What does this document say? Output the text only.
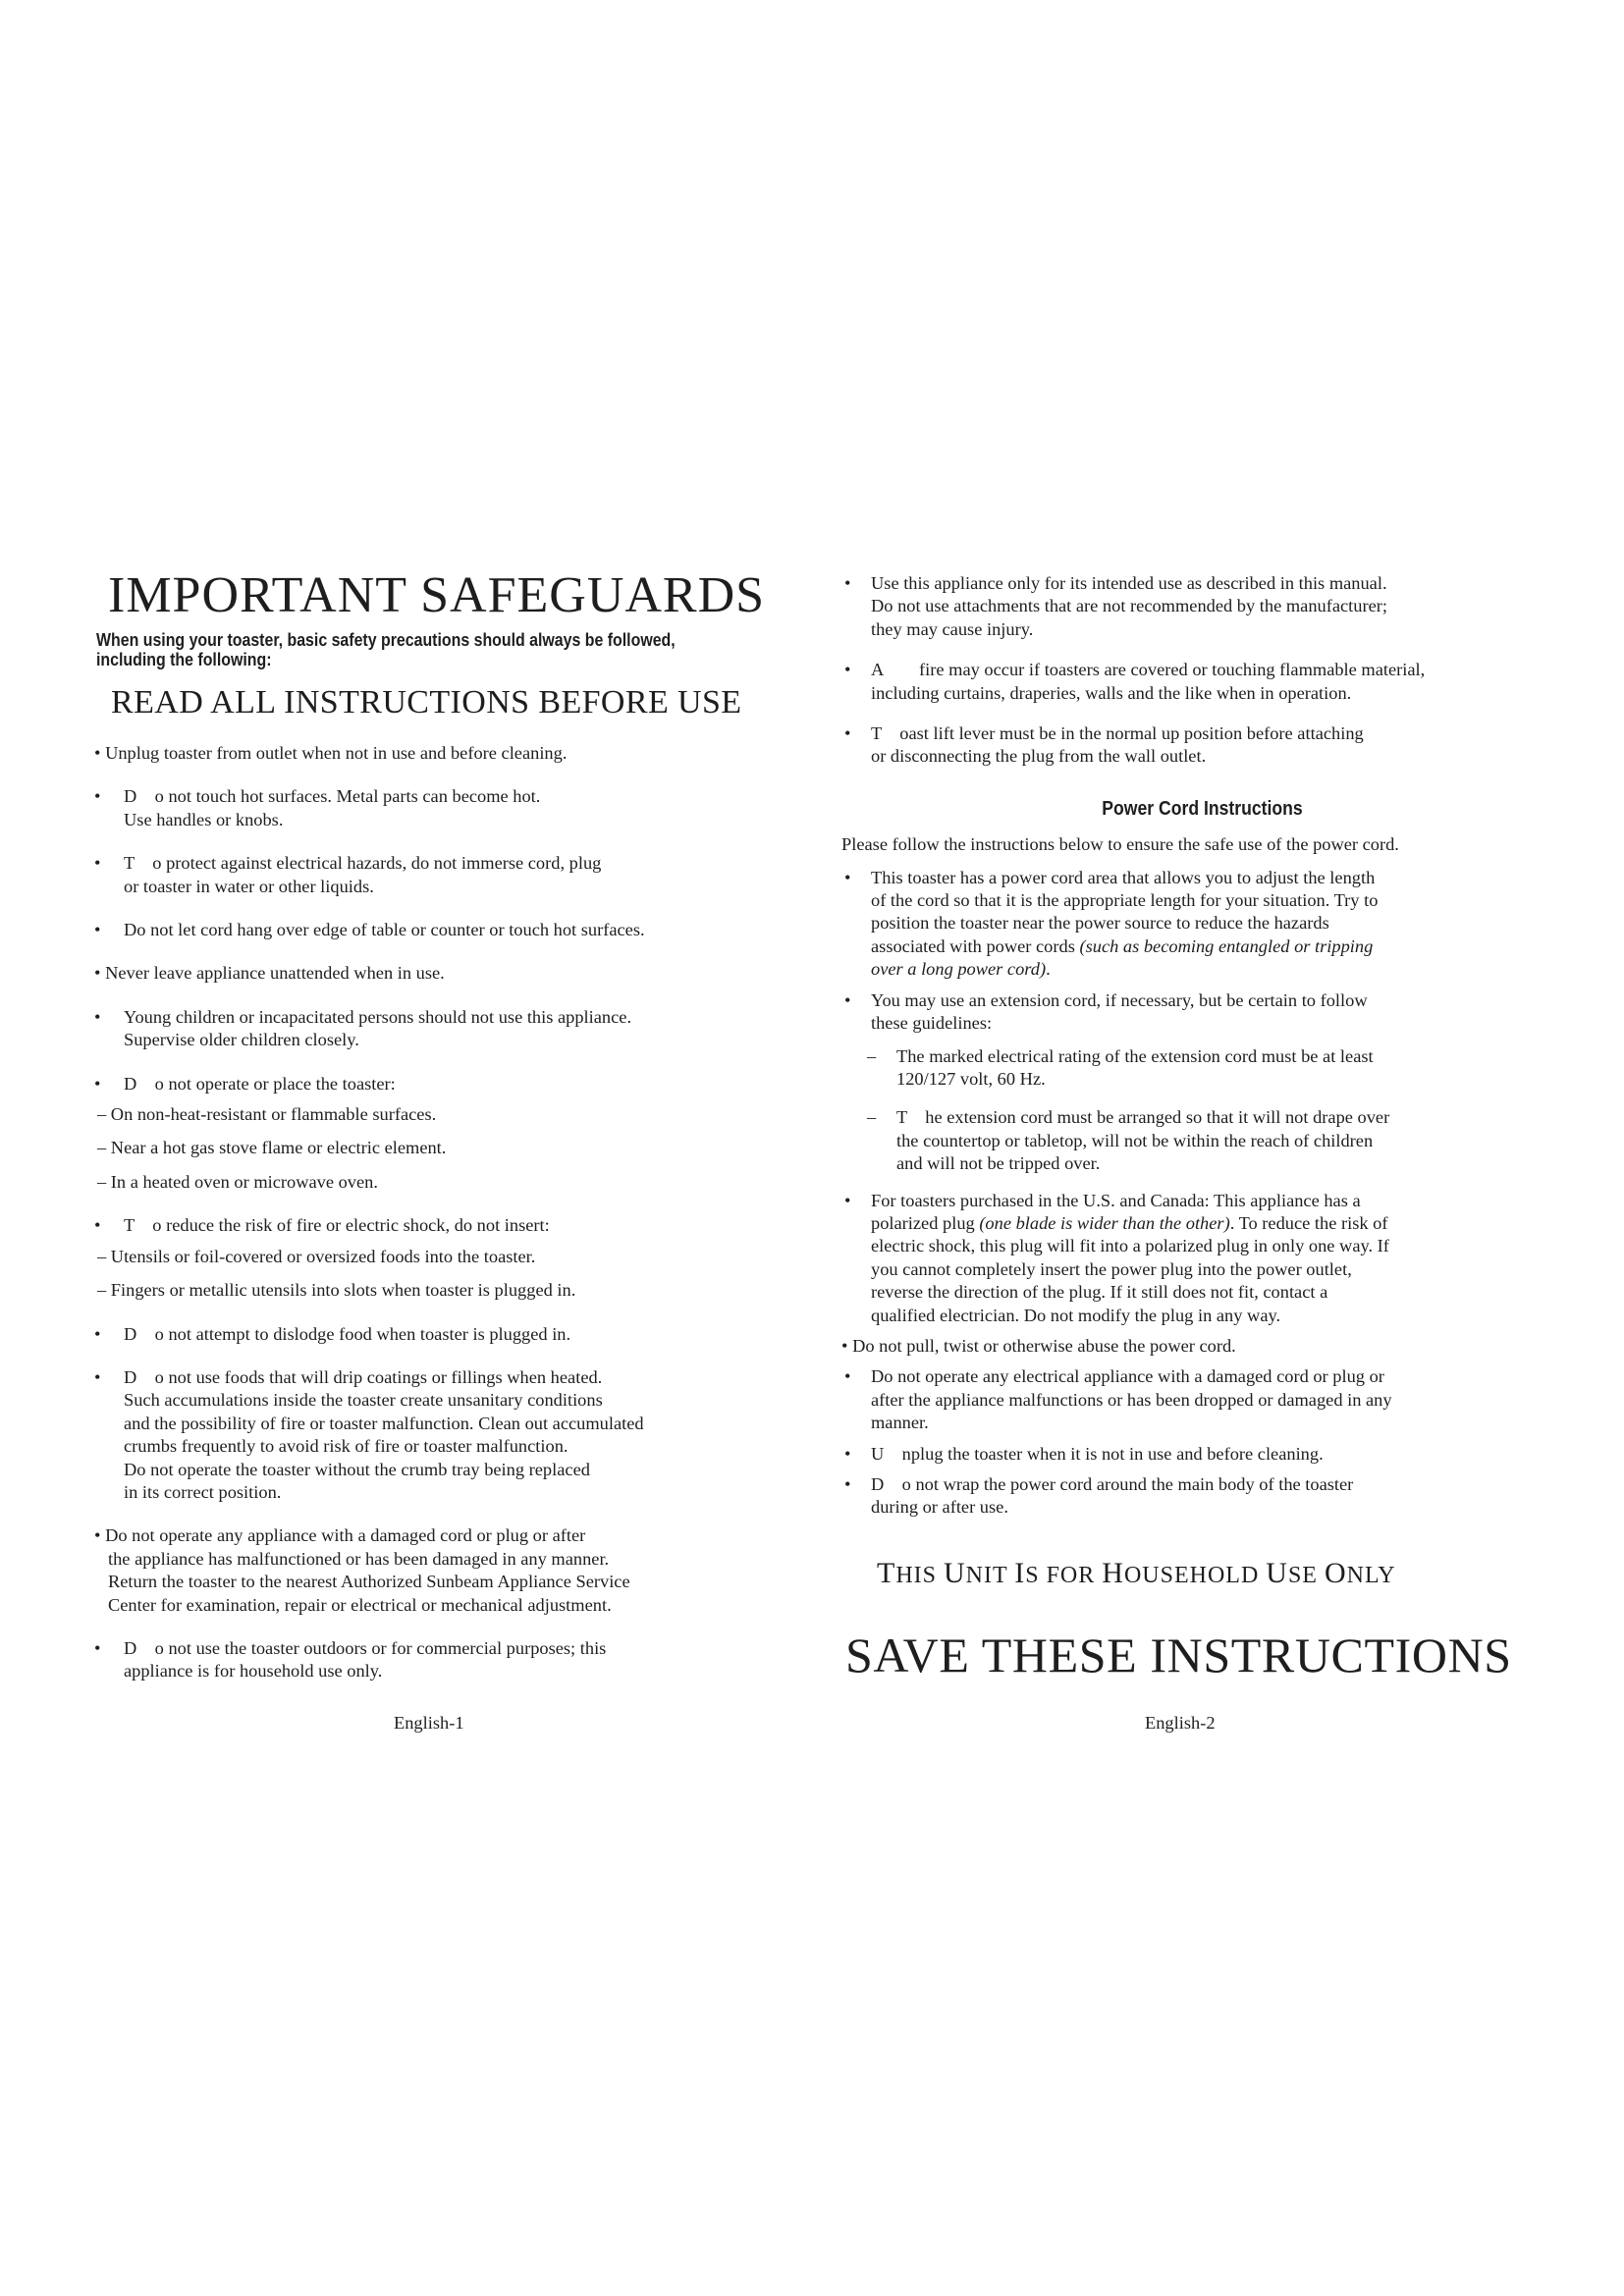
IMPORTANT SAFEGUARDS
When using your toaster, basic safety precautions should always be followed,
including the following:
READ ALL INSTRUCTIONS BEFORE USE
• Unplug toaster from outlet when not in use and before cleaning.
•	D    o not touch hot surfaces. Metal parts can become hot.
Use handles or knobs.
•	T    o protect against electrical hazards, do not immerse cord, plug
or toaster in water or other liquids.
•	Do not let cord hang over edge of table or counter or touch hot surfaces.
• Never leave appliance unattended when in use.
•	Young children or incapacitated persons should not use this appliance.
Supervise older children closely.
•	D    o not operate or place the toaster:
– On non-heat-resistant or flammable surfaces.
– Near a hot gas stove flame or electric element.
– In a heated oven or microwave oven.
•	T    o reduce the risk of fire or electric shock, do not insert:
– Utensils or foil-covered or oversized foods into the toaster.
– Fingers or metallic utensils into slots when toaster is plugged in.
•	D    o not attempt to dislodge food when toaster is plugged in.
•	D    o not use foods that will drip coatings or fillings when heated.
Such accumulations inside the toaster create unsanitary conditions
and the possibility of fire or toaster malfunction. Clean out accumulated
crumbs frequently to avoid risk of fire or toaster malfunction.
Do not operate the toaster without the crumb tray being replaced
in its correct position.
• Do not operate any appliance with a damaged cord or plug or after
the appliance has malfunctioned or has been damaged in any manner.
Return the toaster to the nearest Authorized Sunbeam Appliance Service
Center for examination, repair or electrical or mechanical adjustment.
•	D    o not use the toaster outdoors or for commercial purposes; this
appliance is for household use only.
English-1
• Use this appliance only for its intended use as described in this manual.
Do not use attachments that are not recommended by the manufacturer;
they may cause injury.
• A        fire may occur if toasters are covered or touching flammable material,
including curtains, draperies, walls and the like when in operation.
• T    oast lift lever must be in the normal up position before attaching
or disconnecting the plug from the wall outlet.
Power Cord Instructions
Please follow the instructions below to ensure the safe use of the power cord.
• This toaster has a power cord area that allows you to adjust the length
of the cord so that it is the appropriate length for your situation. Try to
position the toaster near the power source to reduce the hazards
associated with power cords (such as becoming entangled or tripping
over a long power cord).
• You may use an extension cord, if necessary, but be certain to follow
these guidelines:
– The marked electrical rating of the extension cord must be at least
120/127 volt, 60 Hz.
– T    he extension cord must be arranged so that it will not drape over
the countertop or tabletop, will not be within the reach of children
and will not be tripped over.
• For toasters purchased in the U.S. and Canada: This appliance has a
polarized plug (one blade is wider than the other). To reduce the risk of
electric shock, this plug will fit into a polarized plug in only one way. If
you cannot completely insert the power plug into the power outlet,
reverse the direction of the plug. If it still does not fit, contact a
qualified electrician. Do not modify the plug in any way.
• Do not pull, twist or otherwise abuse the power cord.
• Do not operate any electrical appliance with a damaged cord or plug or
after the appliance malfunctions or has been dropped or damaged in any
manner.
• U    nplug the toaster when it is not in use and before cleaning.
• D    o not wrap the power cord around the main body of the toaster
during or after use.
THIS UNIT IS FOR HOUSEHOLD USE ONLY
SAVE THESE INSTRUCTIONS
English-2
